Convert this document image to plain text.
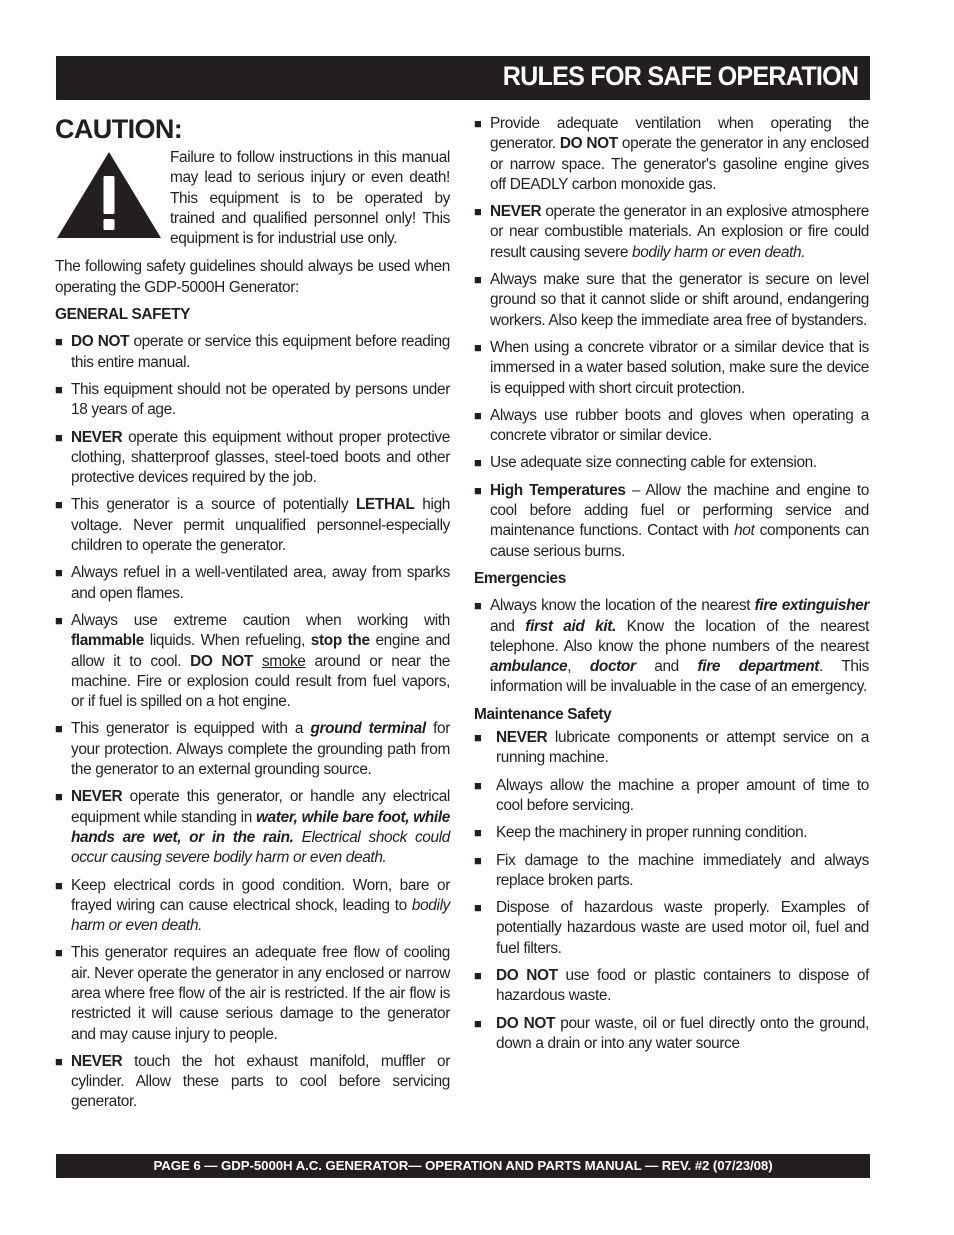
RULES FOR SAFE OPERATION
CAUTION:
Failure to follow instructions in this manual may lead to serious injury or even death! This equipment is to be operated by trained and qualified personnel only! This equipment is for industrial use only.

The following safety guidelines should always be used when operating the GDP-5000H Generator:

GENERAL SAFETY
■ DO NOT operate or service this equipment before reading this entire manual.
■ This equipment should not be operated by persons under 18 years of age.
■ NEVER operate this equipment without proper protective clothing, shatterproof glasses, steel-toed boots and other protective devices required by the job.
■ This generator is a source of potentially LETHAL high voltage. Never permit unqualified personnel-especially children to operate the generator.
■ Always refuel in a well-ventilated area, away from sparks and open flames.
■ Always use extreme caution when working with flammable liquids. When refueling, stop the engine and allow it to cool. DO NOT smoke around or near the machine. Fire or explosion could result from fuel vapors, or if fuel is spilled on a hot engine.
■ This generator is equipped with a ground terminal for your protection. Always complete the grounding path from the generator to an external grounding source.
■ NEVER operate this generator, or handle any electrical equipment while standing in water, while bare foot, while hands are wet, or in the rain. Electrical shock could occur causing severe bodily harm or even death.
■ Keep electrical cords in good condition. Worn, bare or frayed wiring can cause electrical shock, leading to bodily harm or even death.
■ This generator requires an adequate free flow of cooling air. Never operate the generator in any enclosed or narrow area where free flow of the air is restricted. If the air flow is restricted it will cause serious damage to the generator and may cause injury to people.
■ NEVER touch the hot exhaust manifold, muffler or cylinder. Allow these parts to cool before servicing generator.
■ Provide adequate ventilation when operating the generator. DO NOT operate the generator in any enclosed or narrow space. The generator's gasoline engine gives off DEADLY carbon monoxide gas.
■ NEVER operate the generator in an explosive atmosphere or near combustible materials. An explosion or fire could result causing severe bodily harm or even death.
■ Always make sure that the generator is secure on level ground so that it cannot slide or shift around, endangering workers. Also keep the immediate area free of bystanders.
■ When using a concrete vibrator or a similar device that is immersed in a water based solution, make sure the device is equipped with short circuit protection.
■ Always use rubber boots and gloves when operating a concrete vibrator or similar device.
■ Use adequate size connecting cable for extension.
■ High Temperatures – Allow the machine and engine to cool before adding fuel or performing service and maintenance functions. Contact with hot components can cause serious burns.
Emergencies
■ Always know the location of the nearest fire extinguisher and first aid kit. Know the location of the nearest telephone. Also know the phone numbers of the nearest ambulance, doctor and fire department. This information will be invaluable in the case of an emergency.
Maintenance Safety
■ NEVER lubricate components or attempt service on a running machine.
■ Always allow the machine a proper amount of time to cool before servicing.
■ Keep the machinery in proper running condition.
■ Fix damage to the machine immediately and always replace broken parts.
■ Dispose of hazardous waste properly. Examples of potentially hazardous waste are used motor oil, fuel and fuel filters.
■ DO NOT use food or plastic containers to dispose of hazardous waste.
■ DO NOT pour waste, oil or fuel directly onto the ground, down a drain or into any water source
PAGE 6 — GDP-5000H A.C. GENERATOR— OPERATION AND PARTS MANUAL — REV. #2 (07/23/08)
